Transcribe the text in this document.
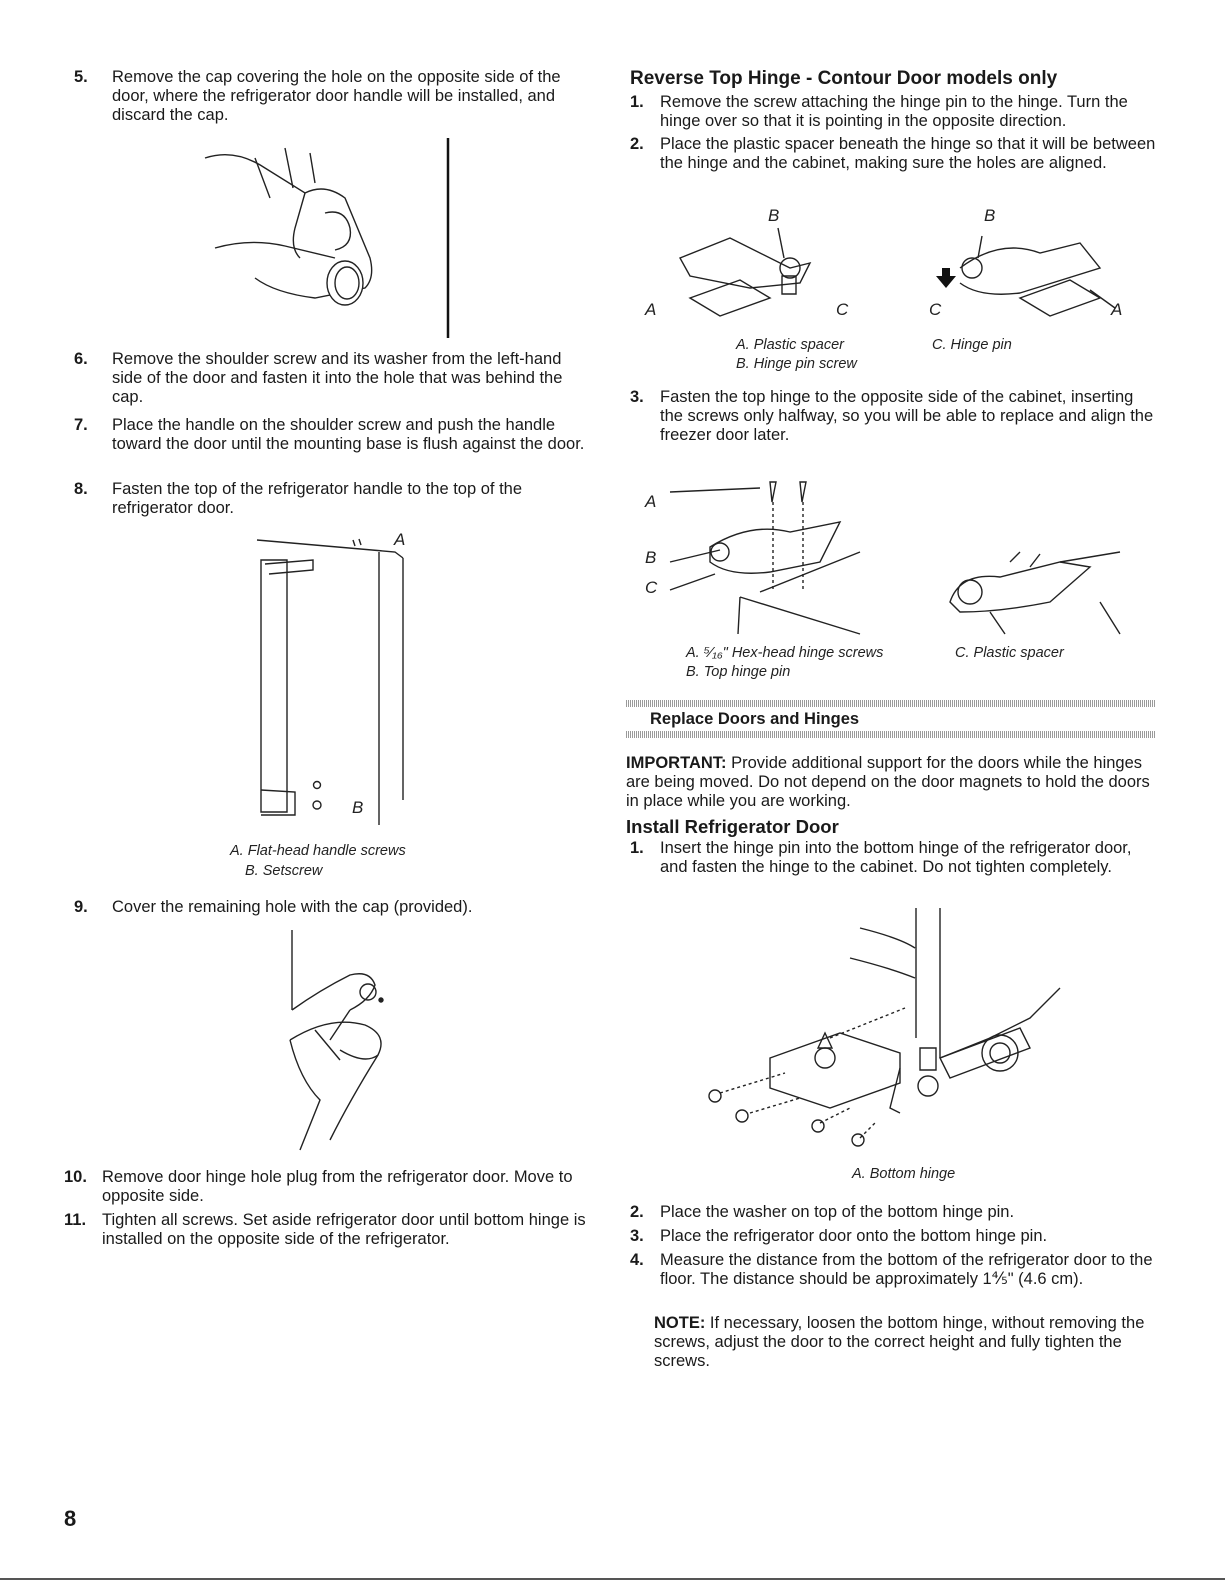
5.	Remove the cap covering the hole on the opposite side of the door, where the refrigerator door handle will be installed, and discard the cap.
6.	Remove the shoulder screw and its washer from the left-hand side of the door and fasten it into the hole that was behind the cap.
7.	Place the handle on the shoulder screw and push the handle toward the door until the mounting base is flush against the door.
8.	Fasten the top of the refrigerator handle to the top of the refrigerator door.
A
B
A. Flat-head handle screws
B. Setscrew
9.	Cover the remaining hole with the cap (provided).
10. Remove door hinge hole plug from the refrigerator door. Move to opposite side.
11. Tighten all screws. Set aside refrigerator door until bottom hinge is installed on the opposite side of the refrigerator.
Reverse Top Hinge - Contour Door models only
1. Remove the screw attaching the hinge pin to the hinge. Turn the hinge over so that it is pointing in the opposite direction.
2. Place the plastic spacer beneath the hinge so that it will be between the hinge and the cabinet, making sure the holes are aligned.
B	B
A	C	C	A
A. Plastic spacer
B. Hinge pin screw
C. Hinge pin
3. Fasten the top hinge to the opposite side of the cabinet, inserting the screws only halfway, so you will be able to replace and align the freezer door later.
A
B
C
A. ⁵⁄₁₆" Hex-head hinge screws
B. Top hinge pin
C. Plastic spacer
Replace Doors and Hinges
IMPORTANT: Provide additional support for the doors while the hinges are being moved. Do not depend on the door magnets to hold the doors in place while you are working.
Install Refrigerator Door
1. Insert the hinge pin into the bottom hinge of the refrigerator door, and fasten the hinge to the cabinet. Do not tighten completely.
A. Bottom hinge
2. Place the washer on top of the bottom hinge pin.
3. Place the refrigerator door onto the bottom hinge pin.
4. Measure the distance from the bottom of the refrigerator door to the floor. The distance should be approximately 1⅘" (4.6 cm).
NOTE: If necessary, loosen the bottom hinge, without removing the screws, adjust the door to the correct height and fully tighten the screws.
8
